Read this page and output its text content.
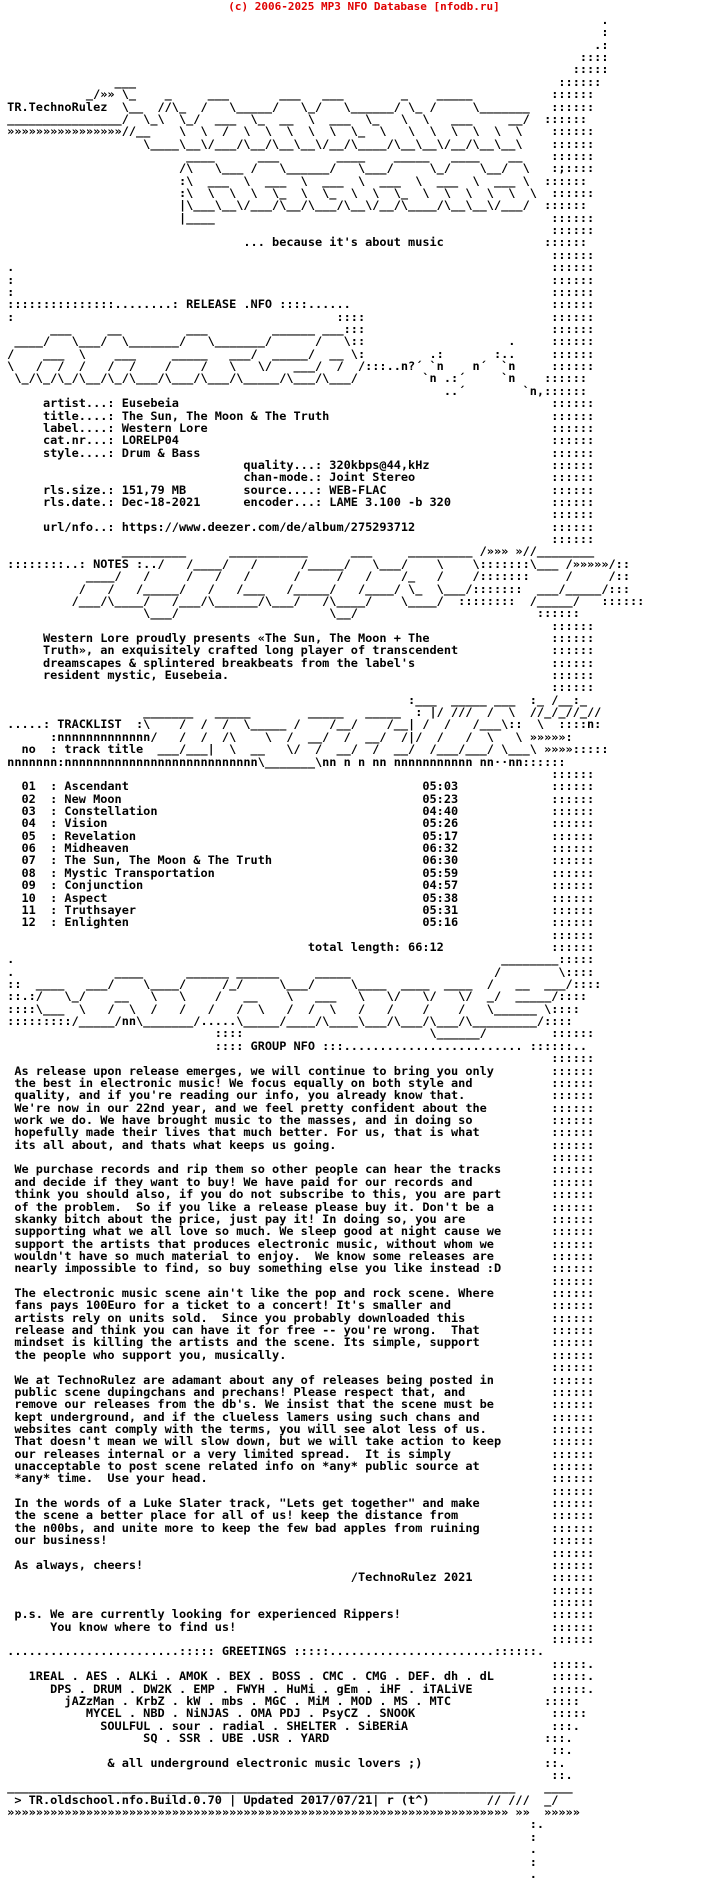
(c) 2006-2025 MP3 NFO Database [nfodb.ru]
.
:
.:
::::
:::::
___                                                           ::::::
_/»» \_    _     ___       ___   ___        _    _____           ::::::
TR.TechnoRulez  \__  //\_  /   \_____/   \_/   \______/ \_ /     \_______   ::::::
________________/  \_\  \_/  ___  \_  __  \  ___  \_   \  \   ___     __/  ::::::
»»»»»»»»»»»»»»»»//__    \  \  /  \  \  \  \  \  \_  \   \  \  \  \  \  \    ::::::
\____\__\/___/\__/\__\__\/__/\____/\__\__\/__/\__\__\    ::::::
____      ___        ____    _____   ____    __    ::::::
/\   \___ /   \______/   \___/     \_/    \__/  \   :;::::
:\  ___  \  ___  \  ___  \  ___  \  ___  \  ___ \  ::::::
:\  \  \  \  \_  \  \_  \  \  \_  \  \  \  \  \  \  ::::::
|\___\__\/___/\__/\___/\__\/__/\____/\__\__\/___/  ::::::
|____                                               ::::::
::::::
... because it's about music              ::::::
::::::
.                                                                           ::::::
:                                                                           ::::::
:                                                                           ::::::
:::::::::::::::........: RELEASE .NFO ::::......                            ::::::
:                                             ::::                          ::::::
___     __         ___         ______ ___:::                          ::::::
____/   \___/  \_______/   \_______/      /   \::                    .     ::::::
/    ___  \    ___     _____   ___/  _____/  __ \:         .:       :..     ::::::
\   /  /  /   /  /    /    /   \   \/   ___/  /  /:::..n?´ `n    n´  `n     ::::::
\_/\_/\_/\__/\_/\___/\___/\___/\_____/\___/\___/         `n .:´     `n    ::::::
..´        `n,::::::
artist...: Eusebeia                                                    ::::::
title....: The Sun, The Moon & The Truth                               ::::::
label....: Western Lore                                                ::::::
cat.nr...: LORELP04                                                    ::::::
style....: Drum & Bass                                                 ::::::
quality...: 320kbps@44,kHz                 ::::::
chan-mode.: Joint Stereo                   ::::::
rls.size.: 151,79 MB        source....: WEB-FLAC                       ::::::
rls.date.: Dec-18-2021      encoder...: LAME 3.100 -b 320              ::::::
::::::
url/nfo..: https://www.deezer.com/de/album/275293712                   ::::::
::::::
_________      ___________      ___     _________ /»»» »//________
::::::::..: NOTES :../   /____/   /      /_____/   \___/    \    \:::::::\___ /»»»»»/::
____/   /     /   /   /      /     /   /    /_   /    /:::::::     /     /::
/   /   /_____/   /   /___   /_____/   /____/ \_  \___/:::::::  ___/_____/:::
/___/\____/   /___/\______/\___/   /\____/    \____/  ::::::::  /_____/   ::::::
\___/                     \__/                         ::::::
::::::
Western Lore proudly presents «The Sun, The Moon + The                 ::::::
Truth», an exquisitely crafted long player of transcendent             ::::::
dreamscapes & splintered breakbeats from the label's                   ::::::
resident mystic, Eusebeia.                                             ::::::
::::::
:___  _____ ___  :_ /__:_
_______   _____        _____   _____  : |/ ///  /  \  //_/_//_//
.....: TRACKLIST  :\    /  /  /  \_____ /    /__/    /__| /  /   /___\::  \  ::::n:
:nnnnnnnnnnnnn/   /  /  /\    \  /  __/  /  __/  /|/  /   /  \   \ »»»»»:
no  : track title  ___/___|  \  __   \/  /  __/  /  __/  /___/___/ \___\ »»»»:::::
nnnnnnn:nnnnnnnnnnnnnnnnnnnnnnnnnnn\_______\nn n n nn nnnnnnnnnnn nn··nn::::::
::::::
01  : Ascendant                                         05:03             ::::::
02  : New Moon                                          05:23             ::::::
03  : Constellation                                     04:40             ::::::
04  : Vision                                            05:26             ::::::
05  : Revelation                                        05:17             ::::::
06  : Midheaven                                         06:32             ::::::
07  : The Sun, The Moon & The Truth                     06:30             ::::::
08  : Mystic Transportation                             05:59             ::::::
09  : Conjunction                                       04:57             ::::::
10  : Aspect                                            05:38             ::::::
11  : Truthsayer                                        05:31             ::::::
12  : Enlighten                                         05:16             ::::::
::::::
total length: 66:12               ::::::
.                                                                    ________:::::
.              ____      ______ ______     _____                    /        \::::
::  ____   ___/    \____/     /_/     \___/     \____  ____  ____  /   __  ___/::::
::.:/   \_/    __   \   \    /   __    \   ___   \   \/   \/   \/  _/  _____/::::
::::\___  \   /  \  /   /   /   /  \   /  /  \   /   /    /    /   \______ \::::
:::::::::/_____/nn\_______/.....\_____/____/\____\___/\___/\___/\_________/::::
::::                          \______/         ::::::
:::: GROUP NFO :::......................... ::::::..
::::::
As release upon release emerges, we will continue to bring you only        ::::::
the best in electronic music! We focus equally on both style and           ::::::
quality, and if you're reading our info, you already know that.            ::::::
We're now in our 22nd year, and we feel pretty confident about the         ::::::
work we do. We have brought music to the masses, and in doing so           ::::::
hopefully made their lives that much better. For us, that is what          ::::::
its all about, and thats what keeps us going.                              ::::::
::::::
We purchase records and rip them so other people can hear the tracks       ::::::
and decide if they want to buy! We have paid for our records and           ::::::
think you should also, if you do not subscribe to this, you are part       ::::::
of the problem.  So if you like a release please buy it. Don't be a        ::::::
skanky bitch about the price, just pay it! In doing so, you are            ::::::
supporting what we all love so much. We sleep good at night cause we       ::::::
support the artists that produces electronic music, without whom we        ::::::
wouldn't have so much material to enjoy.  We know some releases are        ::::::
nearly impossible to find, so buy something else you like instead :D       ::::::
::::::
The electronic music scene ain't like the pop and rock scene. Where        ::::::
fans pays 100Euro for a ticket to a concert! It's smaller and              ::::::
artists rely on units sold.  Since you probably downloaded this            ::::::
release and think you can have it for free -- you're wrong.  That          ::::::
mindset is killing the artists and the scene. Its simple, support          ::::::
the people who support you, musically.                                     ::::::
::::::
We at TechnoRulez are adamant about any of releases being posted in        ::::::
public scene dupingchans and prechans! Please respect that, and            ::::::
remove our releases from the db's. We insist that the scene must be        ::::::
kept underground, and if the clueless lamers using such chans and          ::::::
websites cant comply with the terms, you will see alot less of us.         ::::::
That doesn't mean we will slow down, but we will take action to keep       ::::::
our releases internal or a very limited spread.  It is simply              ::::::
unacceptable to post scene related info on *any* public source at          ::::::
*any* time.  Use your head.                                                ::::::
::::::
In the words of a Luke Slater track, "Lets get together" and make          ::::::
the scene a better place for all of us! keep the distance from             ::::::
the n00bs, and unite more to keep the few bad apples from ruining          ::::::
our business!                                                              ::::::
::::::
As always, cheers!                                                         ::::::
/TechnoRulez 2021           ::::::
::::::
::::::
p.s. We are currently looking for experienced Rippers!                     ::::::
You know where to find us!                                            ::::::
::::::
........................::::: GREETINGS :::::.......................::::::.
:::::.
1REAL . AES . ALKi . AMOK . BEX . BOSS . CMC . CMG . DEF. dh . dL        :::::.
DPS . DRUM . DW2K . EMP . FWYH . HuMi . gEm . iHF . iTALiVE           :::::.
jAZzMan . KrbZ . kW . mbs . MGC . MiM . MOD . MS . MTC             :::::
MYCEL . NBD . NiNJAS . OMA PDJ . PsyCZ . SNOOK                   :::::
SOULFUL . sour . radial . SHELTER . SiBERiA                    :::.
SQ . SSR . UBE .USR . YARD                              :::.
::.
& all underground electronic music lovers ;)                 ::.
::.
_______________________________________________________________________    ____
> TR.oldschool.nfo.Build.0.70 | Updated 2017/07/21| r (t^)        // ///  _/
»»»»»»»»»»»»»»»»»»»»»»»»»»»»»»»»»»»»»»»»»»»»»»»»»»»»»»»»»»»»»»»»»»»»»» »»  »»»»»
:.
:
.
:
.
